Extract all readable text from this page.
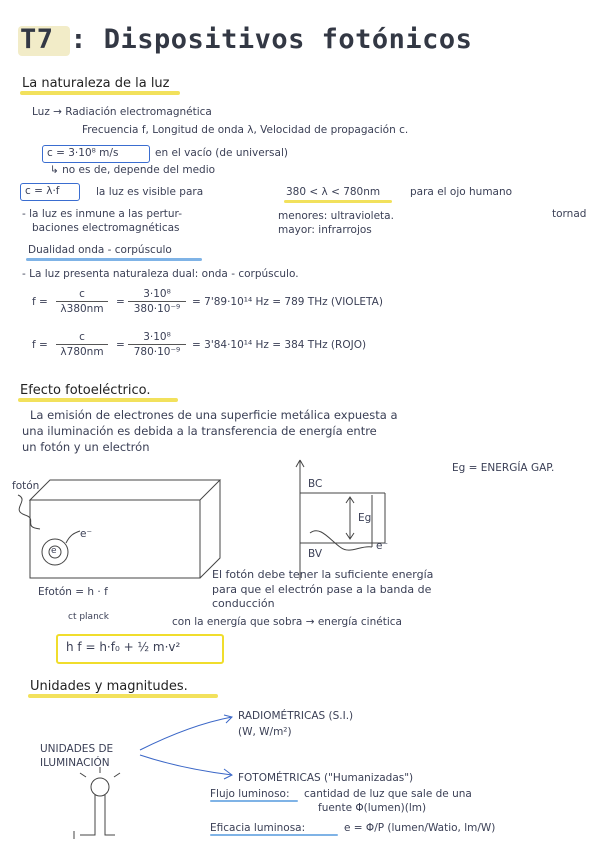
T7 : Dispositivos fotónicos
La naturaleza de la luz
Luz → Radiación electromagnética
Frecuencia f, Longitud de onda λ, Velocidad de propagación c.
c = 3·10⁸ m/s	en el vacío (de universal)
↳ no es de, depende del medio
c = λ·f	la luz es visible para	380 < λ < 780nm	para el ojo humano
- la luz es inmune a las pertur-
baciones electromagnéticas
menores: ultravioleta.
mayor: infrarrojos
tornad
Dualidad onda - corpúsculo
- La luz presenta naturaleza dual: onda - corpúsculo.
f =
c
λ380nm
=
3·10⁸
380·10⁻⁹
= 7'89·10¹⁴ Hz = 789 THz (VIOLETA)
f =
c
λ780nm
=
3·10⁸
780·10⁻⁹
= 3'84·10¹⁴ Hz = 384 THz (ROJO)
Efecto fotoeléctrico.
La emisión de electrones de una superficie metálica expuesta a
una iluminación es debida a la transferencia de energía entre
un fotón y un electrón
fotón
e⁻
e
Eg = ENERGÍA GAP.
BC
BV
Eg
e⁻
Efotón = h · f
ct planck
El fotón debe tener la suficiente energía
para que el electrón pase a la banda de
conducción
con la energía que sobra → energía cinética
h f = h·f₀ + ½ m·v²
Unidades y magnitudes.
RADIOMÉTRICAS (S.I.)
(W, W/m²)
UNIDADES DE
ILUMINACIÓN
FOTOMÉTRICAS ("Humanizadas")
Flujo luminoso: cantidad de luz que sale de una
fuente Φ(lumen)(lm)
Eficacia luminosa:	e = Φ/P (lumen/Watio, lm/W)
